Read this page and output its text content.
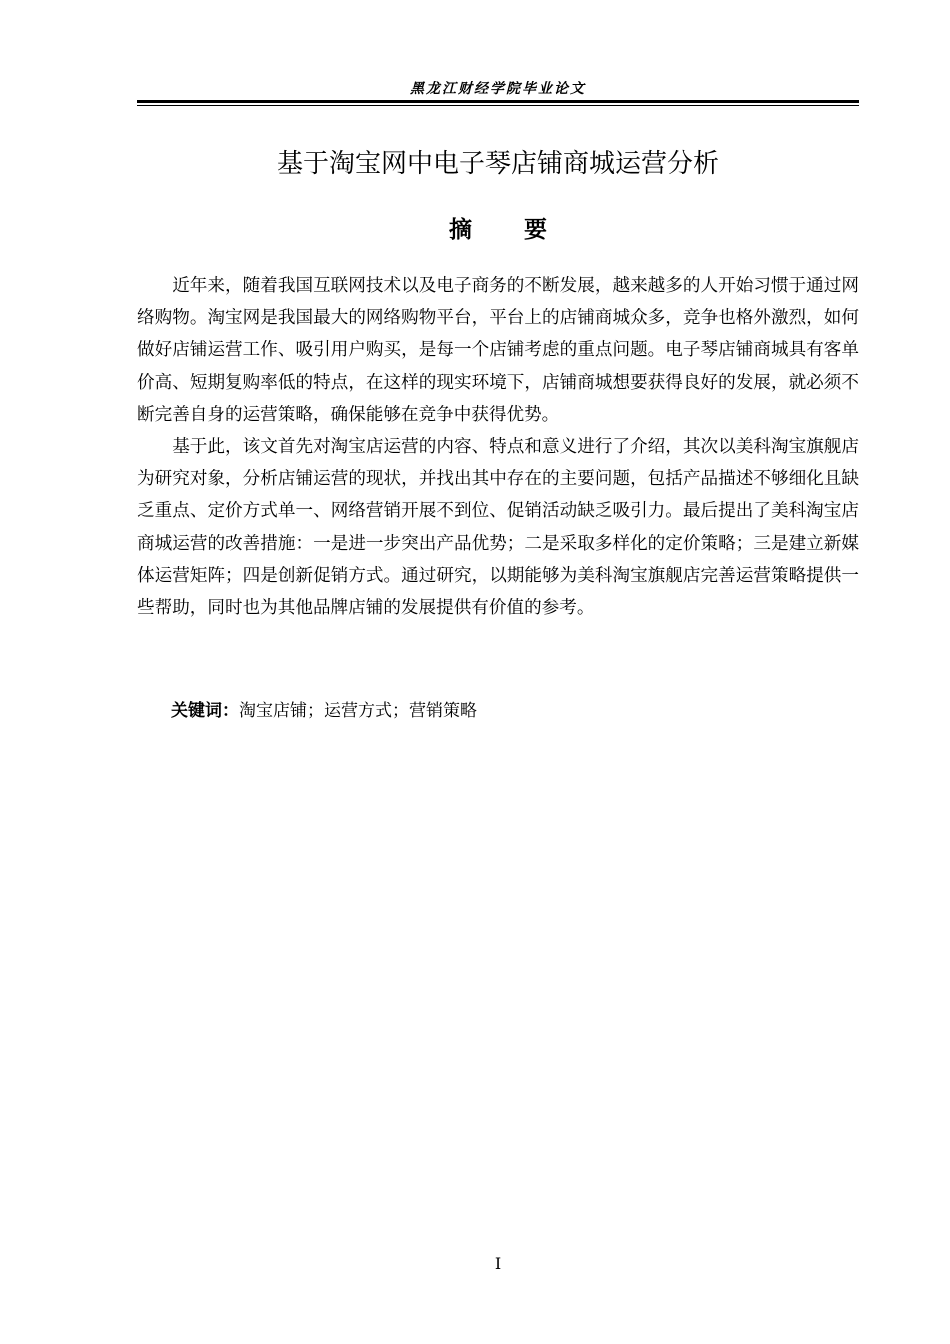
黑龙江财经学院毕业论文
基于淘宝网中电子琴店铺商城运营分析
摘 要

近年来，随着我国互联网技术以及电子商务的不断发展，越来越多的人开始习惯于通过网络购物。淘宝网是我国最大的网络购物平台，平台上的店铺商城众多，竞争也格外激烈，如何做好店铺运营工作、吸引用户购买，是每一个店铺考虑的重点问题。电子琴店铺商城具有客单价高、短期复购率低的特点，在这样的现实环境下，店铺商城想要获得良好的发展，就必须不断完善自身的运营策略，确保能够在竞争中获得优势。

基于此，该文首先对淘宝店运营的内容、特点和意义进行了介绍，其次以美科淘宝旗舰店为研究对象，分析店铺运营的现状，并找出其中存在的主要问题，包括产品描述不够细化且缺乏重点、定价方式单一、网络营销开展不到位、促销活动缺乏吸引力。最后提出了美科淘宝店商城运营的改善措施：一是进一步突出产品优势；二是采取多样化的定价策略；三是建立新媒体运营矩阵；四是创新促销方式。通过研究，以期能够为美科淘宝旗舰店完善运营策略提供一些帮助，同时也为其他品牌店铺的发展提供有价值的参考。

关键词：淘宝店铺；运营方式；营销策略
I
